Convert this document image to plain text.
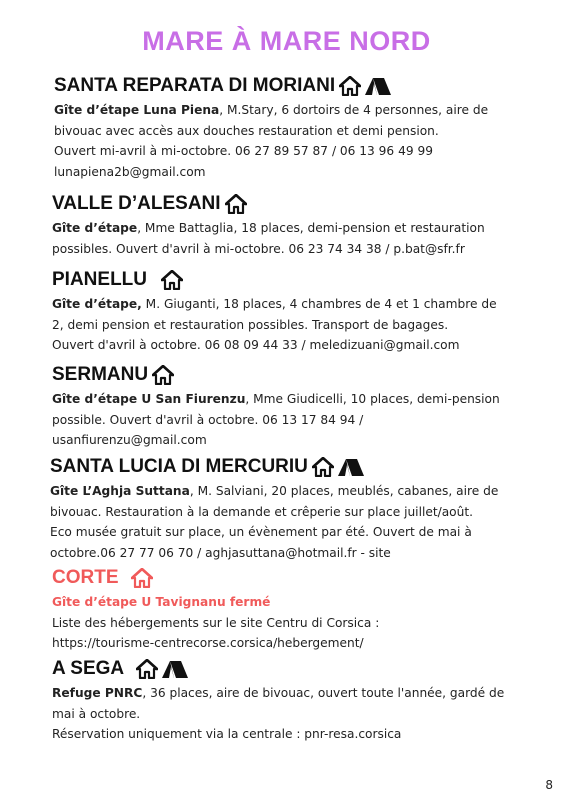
MARE À MARE NORD
SANTA REPARATA DI MORIANI
Gîte d’étape Luna Piena, M.Stary, 6 dortoirs de 4 personnes, aire de
bivouac avec accès aux douches restauration et demi pension.
Ouvert mi-avril à mi-octobre. 06 27 89 57 87 / 06 13 96 49 99
lunapiena2b@gmail.com
VALLE D’ALESANI
Gîte d’étape, Mme Battaglia, 18 places, demi-pension et restauration
possibles. Ouvert d'avril à mi-octobre. 06 23 74 34 38 / p.bat@sfr.fr
PIANELLU
Gîte d’étape, M. Giuganti, 18 places, 4 chambres de 4 et 1 chambre de
2, demi pension et restauration possibles. Transport de bagages.
Ouvert d'avril à octobre. 06 08 09 44 33 / meledizuani@gmail.com
SERMANU
Gîte d’étape U San Fiurenzu, Mme Giudicelli, 10 places, demi-pension
possible. Ouvert d'avril à octobre. 06 13 17 84 94 /
usanfiurenzu@gmail.com
SANTA LUCIA DI MERCURIU
Gîte L’Aghja Suttana, M. Salviani, 20 places, meublés, cabanes, aire de
bivouac. Restauration à la demande et crêperie sur place juillet/août.
Eco musée gratuit sur place, un évènement par été. Ouvert de mai à
octobre.06 27 77 06 70 / aghjasuttana@hotmail.fr - site
CORTE
Gîte d’étape U Tavignanu fermé
Liste des hébergements sur le site Centru di Corsica :
https://tourisme-centrecorse.corsica/hebergement/
A SEGA
Refuge PNRC, 36 places, aire de bivouac, ouvert toute l'année, gardé de
mai à octobre.
Réservation uniquement via la centrale : pnr-resa.corsica
8
